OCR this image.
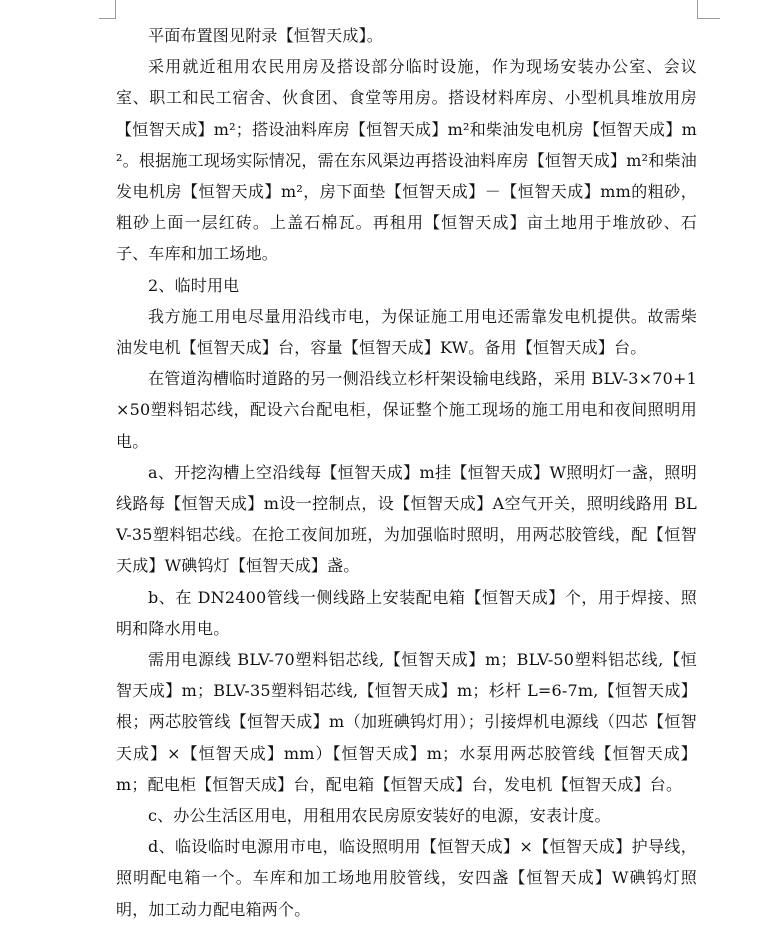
平面布置图见附录【恒智天成】。

采用就近租用农民用房及搭设部分临时设施，作为现场安装办公室、会议室、职工和民工宿舍、伙食团、食堂等用房。搭设材料库房、小型机具堆放用房【恒智天成】m²；搭设油料库房【恒智天成】m²和柴油发电机房【恒智天成】m²。根据施工现场实际情况，需在东风渠边再搭设油料库房【恒智天成】m²和柴油发电机房【恒智天成】m²，房下面垫【恒智天成】－【恒智天成】mm的粗砂，粗砂上面一层红砖。上盖石棉瓦。再租用【恒智天成】亩土地用于堆放砂、石子、车库和加工场地。

2、临时用电

我方施工用电尽量用沿线市电，为保证施工用电还需靠发电机提供。故需柴油发电机【恒智天成】台，容量【恒智天成】KW。备用【恒智天成】台。

在管道沟槽临时道路的另一侧沿线立杉杆架设输电线路，采用 BLV-3×70+1×50塑料铝芯线，配设六台配电柜，保证整个施工现场的施工用电和夜间照明用电。

a、开挖沟槽上空沿线每【恒智天成】m挂【恒智天成】W照明灯一盏，照明线路每【恒智天成】m设一控制点，设【恒智天成】A空气开关，照明线路用 BLV-35塑料铝芯线。在抢工夜间加班，为加强临时照明，用两芯胶管线，配【恒智天成】W碘钨灯【恒智天成】盏。

b、在 DN2400管线一侧线路上安装配电箱【恒智天成】个，用于焊接、照明和降水用电。

需用电源线 BLV-70塑料铝芯线,【恒智天成】m；BLV-50塑料铝芯线,【恒智天成】m；BLV-35塑料铝芯线,【恒智天成】m；杉杆 L=6-7m,【恒智天成】根；两芯胶管线【恒智天成】m（加班碘钨灯用）；引接焊机电源线（四芯【恒智天成】×【恒智天成】mm）【恒智天成】m；水泵用两芯胶管线【恒智天成】m；配电柜【恒智天成】台，配电箱【恒智天成】台，发电机【恒智天成】台。

c、办公生活区用电，用租用农民房原安装好的电源，安表计度。

d、临设临时电源用市电，临设照明用【恒智天成】×【恒智天成】护导线，照明配电箱一个。车库和加工场地用胶管线，安四盏【恒智天成】W碘钨灯照明，加工动力配电箱两个。
